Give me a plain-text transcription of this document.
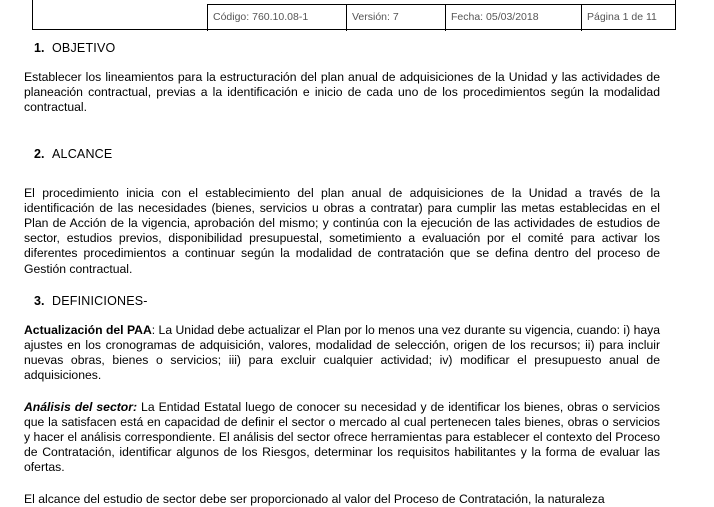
Código: 760.10.08-1	Versión: 7	Fecha: 05/03/2018	Página 1 de 11
1. OBJETIVO

Establecer los lineamientos para la estructuración del plan anual de adquisiciones de la Unidad y las actividades de planeación contractual, previas a la identificación e inicio de cada uno de los procedimientos según la modalidad contractual.

2. ALCANCE

El procedimiento inicia con el establecimiento del plan anual de adquisiciones de la Unidad a través de la identificación de las necesidades (bienes, servicios u obras a contratar) para cumplir las metas establecidas en el Plan de Acción de la vigencia, aprobación del mismo; y continúa con la ejecución de las actividades de estudios de sector, estudios previos, disponibilidad presupuestal, sometimiento a evaluación por el comité para activar los diferentes procedimientos a continuar según la modalidad de contratación que se defina dentro del proceso de Gestión contractual.

3. DEFINICIONES-

Actualización del PAA: La Unidad debe actualizar el Plan por lo menos una vez durante su vigencia, cuando: i) haya ajustes en los cronogramas de adquisición, valores, modalidad de selección, origen de los recursos; ii) para incluir nuevas obras, bienes o servicios; iii) para excluir cualquier actividad; iv) modificar el presupuesto anual de adquisiciones.

Análisis del sector: La Entidad Estatal luego de conocer su necesidad y de identificar los bienes, obras o servicios que la satisfacen está en capacidad de definir el sector o mercado al cual pertenecen tales bienes, obras o servicios y hacer el análisis correspondiente. El análisis del sector ofrece herramientas para establecer el contexto del Proceso de Contratación, identificar algunos de los Riesgos, determinar los requisitos habilitantes y la forma de evaluar las ofertas.

El alcance del estudio de sector debe ser proporcionado al valor del Proceso de Contratación, la naturaleza
